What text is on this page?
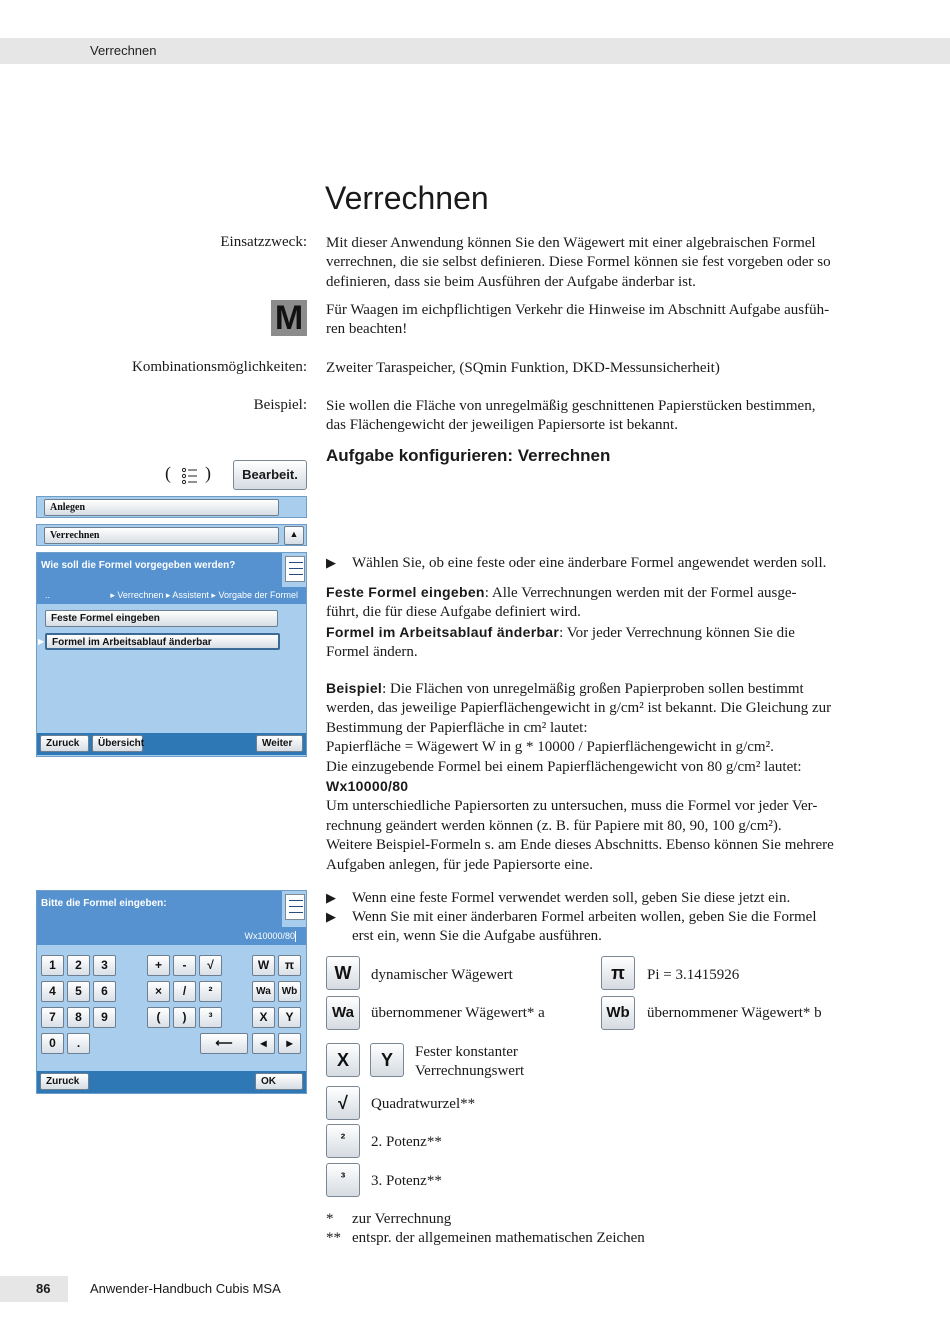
Verrechnen
Verrechnen
Einsatzzweck:
Kombinationsmöglichkeiten:
Beispiel:
Mit dieser Anwendung können Sie den Wägewert mit einer algebraischen Formel
verrechnen, die sie selbst definieren. Diese Formel können sie fest vorgeben oder so
definieren, dass sie beim Ausführen der Aufgabe änderbar ist.
M Für Waagen im eichpflichtigen Verkehr die Hinweise im Abschnitt Aufgabe ausfüh-
ren beachten!
Zweiter Taraspeicher, (SQmin Funktion, DKD-Messunsicherheit)
Sie wollen die Fläche von unregelmäßig geschnittenen Papierstücken bestimmen,
das Flächengewicht der jeweiligen Papiersorte ist bekannt.
( )	Bearbeit.
Aufgabe konfigurieren: Verrechnen
Anlegen
Verrechnen	▲
Wie soll die Formel vorgegeben werden?
..	▸ Verrechnen ▸ Assistent ▸ Vorgabe der Formel
Feste Formel eingeben
▶ Formel im Arbeitsablauf änderbar
Zuruck	Übersicht	Weiter
▶ Wählen Sie, ob eine feste oder eine änderbare Formel angewendet werden soll.
Feste Formel eingeben: Alle Verrechnungen werden mit der Formel ausge-
führt, die für diese Aufgabe definiert wird.
Formel im Arbeitsablauf änderbar: Vor jeder Verrechnung können Sie die
Formel ändern.
Beispiel: Die Flächen von unregelmäßig großen Papierproben sollen bestimmt
werden, das jeweilige Papierflächengewicht in g/cm² ist bekannt. Die Gleichung zur
Bestimmung der Papierfläche in cm² lautet:
Papierfläche = Wägewert W in g * 10000 / Papierflächengewicht in g/cm².
Die einzugebende Formel bei einem Papierflächengewicht von 80 g/cm² lautet:
Wx10000/80
Um unterschiedliche Papiersorten zu untersuchen, muss die Formel vor jeder Ver-
rechnung geändert werden können (z. B. für Papiere mit 80, 90, 100 g/cm²).
Weitere Beispiel-Formeln s. am Ende dieses Abschnitts. Ebenso können Sie mehrere
Aufgaben anlegen, für jede Papiersorte eine.
Bitte die Formel eingeben:
Wx10000/80
1	2	3
4	5	6
7	8	9
0	.
+	-	√
×	/	²
(	)	³
W	π
Wa	Wb
X	Y
⟵	◂	▸
Zuruck	OK
▶ Wenn eine feste Formel verwendet werden soll, geben Sie diese jetzt ein.
▶ Wenn Sie mit einer änderbaren Formel arbeiten wollen, geben Sie die Formel
erst ein, wenn Sie die Aufgabe ausführen.
W	dynamischer Wägewert	π	Pi = 3.1415926
Wa	übernommener Wägewert* a	Wb	übernommener Wägewert* b
X	Y	Fester konstanter
Verrechnungswert
√	Quadratwurzel**
²	2. Potenz**
³	3. Potenz**
* zur Verrechnung
** entspr. der allgemeinen mathematischen Zeichen
86	Anwender-Handbuch Cubis MSA
